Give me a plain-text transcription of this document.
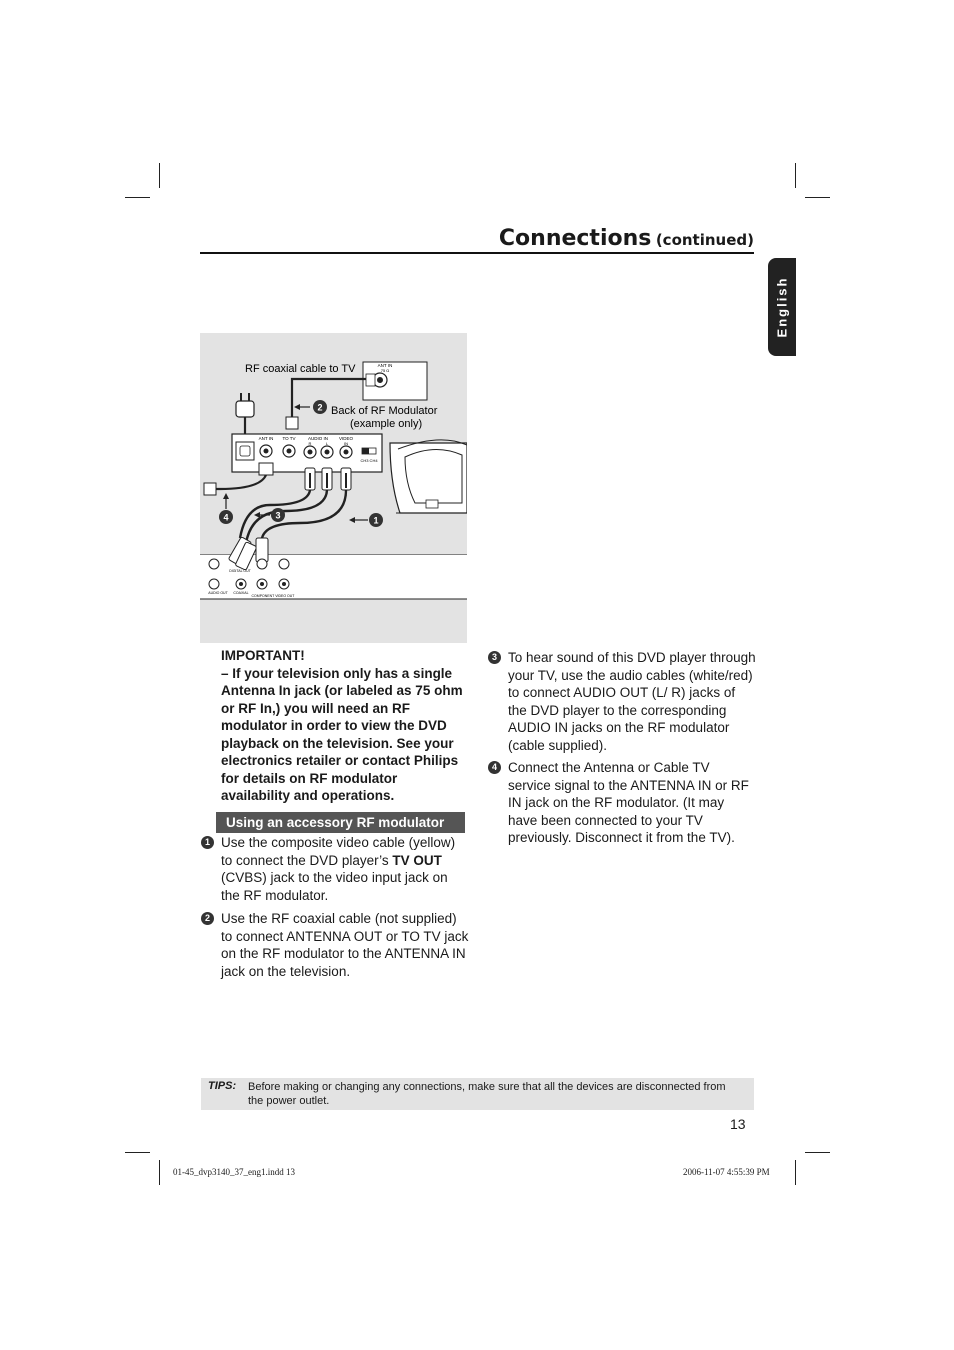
Connections (continued)
English
ANT IN
75 Ω
RF coaxial cable to TV
Back of RF Modulator
(example only)
2
ANT IN TO TV	AUDIO IN
R	L
VIDEO
IN
CH3 CH4
4	3	1
DIGITAL OUT
AUDIO OUT COAXIAL
COMPONENT VIDEO OUT
IMPORTANT!
– If your television only has a single Antenna In jack (or labeled as 75 ohm or RF In,) you will need an RF modulator in order to view the DVD playback on the television. See your electronics retailer or contact Philips for details on RF modulator availability and operations.
Using an accessory RF modulator
1 Use the composite video cable (yellow) to connect the DVD player’s TV OUT (CVBS) jack to the video input jack on the RF modulator.
2 Use the RF coaxial cable (not supplied) to connect ANTENNA OUT or TO TV jack on the RF modulator to the ANTENNA IN jack on the television.
3 To hear sound of this DVD player through your TV, use the audio cables (white/red) to connect AUDIO OUT (L/ R) jacks of the DVD player to the corresponding AUDIO IN jacks on the RF modulator (cable supplied).
4 Connect the Antenna or Cable TV service signal to the ANTENNA IN or RF IN jack on the RF modulator. (It may have been connected to your TV previously. Disconnect it from the TV).
TIPS: Before making or changing any connections, make sure that all the devices are disconnected from the power outlet.
13
01-45_dvp3140_37_eng1.indd 13	2006-11-07 4:55:39 PM
